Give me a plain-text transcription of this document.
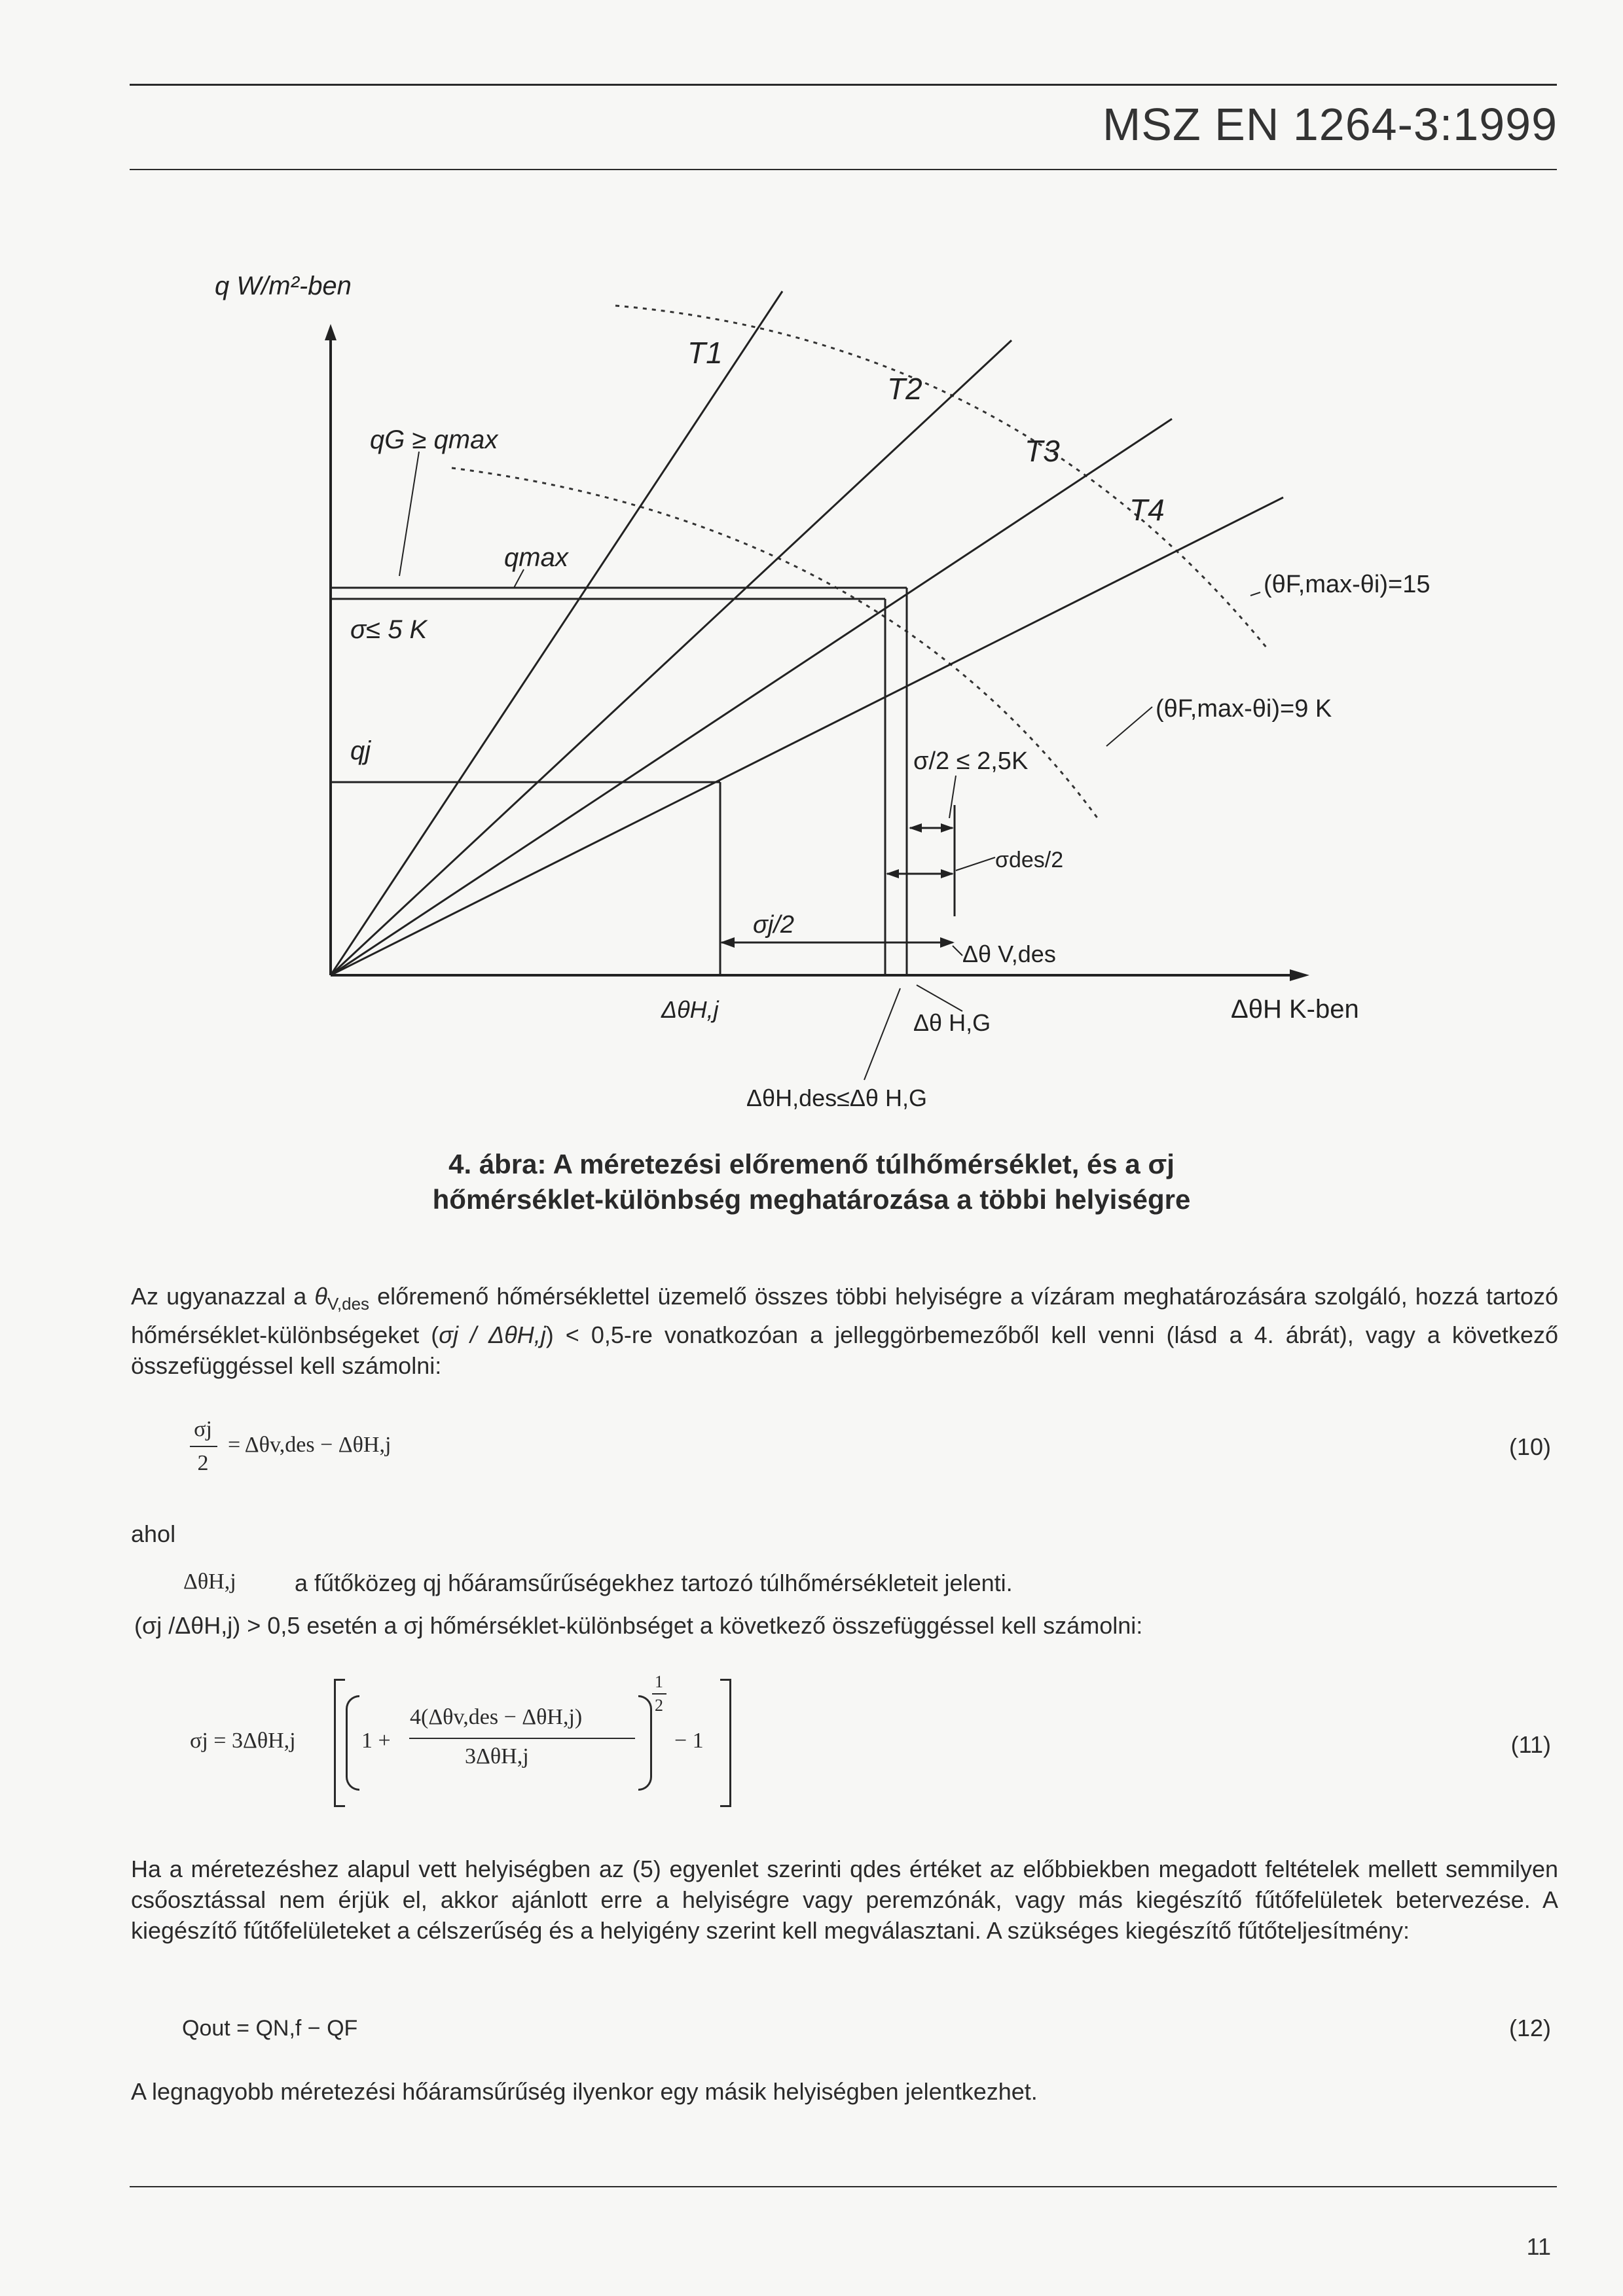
MSZ EN 1264-3:1999
q W/m²-ben
T1
T2
T3
T4
qG ≥ qmax
qmax
σ≤ 5 K
qj
(θF,max-θi)=15
(θF,max-θi)=9 K
σ/2 ≤ 2,5K
σdes/2
σj/2
Δθ V,des
ΔθH,j	Δθ H,G
ΔθH,des≤Δθ H,G
ΔθH K-ben
4. ábra: A méretezési előremenő túlhőmérséklet, és a σj
hőmérséklet-különbség meghatározása a többi helyiségre
Az ugyanazzal a $\theta_{V,des}$ előremenő hőmérséklettel üzemelő összes többi helyiségre a vízáram meghatározására szolgáló, hozzá tartozó hőmérséklet-különbségeket (σj / ΔθH,j) < 0,5-re vonatkozóan a jelleggörbemezőből kell venni (lásd a 4. ábrát), vagy a következő összefüggéssel kell számolni:
σj
2
= Δθv,des − ΔθH,j	(10)
ahol
ΔθH,j a fűtőközeg qj hőáramsűrűségekhez tartozó túlhőmérsékleteit jelenti.
(σj /ΔθH,j) > 0,5 esetén a σj hőmérséklet-különbséget a következő összefüggéssel kell számolni:
σj = 3ΔθH,j	1 +
4(Δθv,des − ΔθH,j)
3ΔθH,j
1
2
− 1	(11)
Ha a méretezéshez alapul vett helyiségben az (5) egyenlet szerinti qdes értéket az előbbiekben megadott feltételek mellett semmilyen csőosztással nem érjük el, akkor ajánlott erre a helyiségre vagy peremzónák, vagy más kiegészítő fűtőfelületek betervezése. A kiegészítő fűtőfelületeket a célszerűség és a helyigény szerint kell megválasztani. A szükséges kiegészítő fűtőteljesítmény:
Qout = QN,f − QF	(12)
A legnagyobb méretezési hőáramsűrűség ilyenkor egy másik helyiségben jelentkezhet.
11
